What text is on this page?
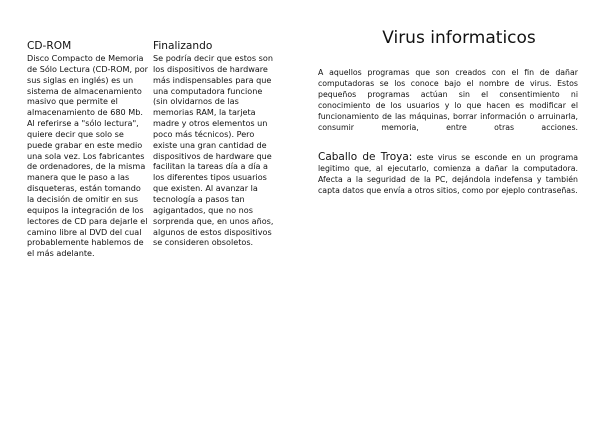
CD-ROM

Disco Compacto de Memoria
de Sólo Lectura (CD-ROM, por
sus siglas en inglés) es un
sistema de almacenamiento
masivo que permite el
almacenamiento de 680 Mb.
Al referirse a "sólo lectura",
quiere decir que solo se
puede grabar en este medio
una sola vez. Los fabricantes
de ordenadores, de la misma
manera que le paso a las
disqueteras, están tomando
la decisión de omitir en sus
equipos la integración de los
lectores de CD para dejarle el
camino libre al DVD del cual
probablemente hablemos de
el más adelante.

Finalizando

Se podría decir que estos son
los dispositivos de hardware
más indispensables para que
una computadora funcione
(sin olvidarnos de las
memorias RAM, la tarjeta
madre y otros elementos un
poco más técnicos). Pero
existe una gran cantidad de
dispositivos de hardware que
facilitan la tareas día a día a
los diferentes tipos usuarios
que existen. Al avanzar la
tecnología a pasos tan
agigantados, que no nos
sorprenda que, en unos años,
algunos de estos dispositivos
se consideren obsoletos.

Virus informaticos

A aquellos programas que son creados con el fin de dañar computadoras se los conoce bajo el nombre de virus. Estos pequeños programas actúan sin el consentimiento ni conocimiento de los usuarios y lo que hacen es modificar el funcionamiento de las máquinas, borrar información o arruinarla, consumir memoria, entre otras acciones.

Caballo de Troya: este virus se esconde en un programa legitimo que, al ejecutarlo, comienza a dañar la computadora. Afecta a la seguridad de la PC, dejándola indefensa y también capta datos que envía a otros sitios, como por ejeplo contraseñas.
